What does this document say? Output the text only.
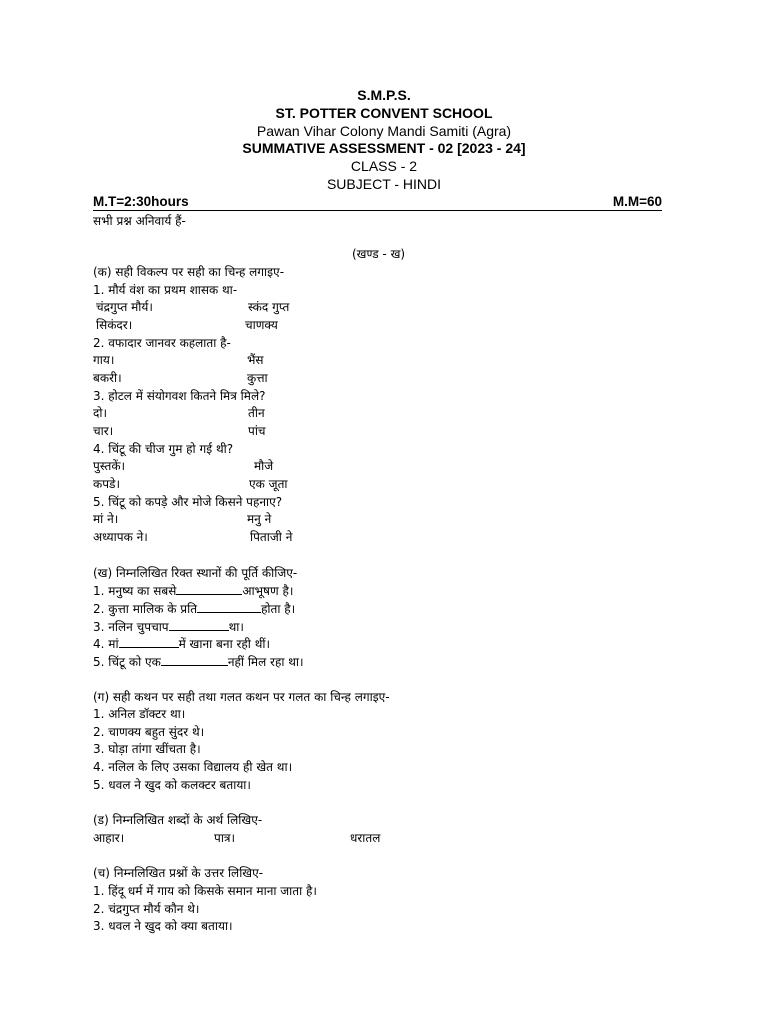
S.M.P.S.
ST. POTTER CONVENT SCHOOL
Pawan Vihar Colony Mandi Samiti (Agra)
SUMMATIVE ASSESSMENT - 02 [2023 - 24]
CLASS - 2
SUBJECT - HINDI
M.T=2:30hours	M.M=60
सभी प्रश्न अनिवार्य हैं-
(खण्ड - ख)
(क) सही विकल्प पर सही का चिन्ह लगाइए-
1. मौर्य वंश का प्रथम शासक था-
चंद्रगुप्त मौर्य।	स्कंद गुप्त
सिकंदर।	चाणक्य
2. वफादार जानवर कहलाता है-
गाय।	भैंस
बकरी।	कुत्ता
3. होटल में संयोगवश कितने मित्र मिले?
दो।	तीन
चार।	पांच
4. चिंटू की चीज गुम हो गई थी?
पुस्तकें।	मौजे
कपडे।	एक जूता
5. चिंटू को कपड़े और मोजे किसने पहनाए?
मां ने।	मनु ने
अध्यापक ने।	पिताजी ने
(ख) निम्नलिखित रिक्त स्थानों की पूर्ति कीजिए-
1. मनुष्य का सबसे	आभूषण है।
2. कुत्ता मालिक के प्रति	होता है।
3. नलिन चुपचाप	था।
4. मां	में खाना बना रही थीं।
5. चिंटू को एक	नहीं मिल रहा था।
(ग) सही कथन पर सही तथा गलत कथन पर गलत का चिन्ह लगाइए-
1. अनिल डॉक्टर था।
2. चाणक्य बहुत सुंदर थे।
3. घोड़ा तांगा खींचता है।
4. नलिल के लिए उसका विद्यालय ही खेत था।
5. धवल ने खुद को कलक्टर बताया।
(ड) निम्नलिखित शब्दों के अर्थ लिखिए-
आहार।	पात्र।	धरातल
(च) निम्नलिखित प्रश्नों के उत्तर लिखिए-
1. हिंदू धर्म में गाय को किसके समान माना जाता है।
2. चंद्रगुप्त मौर्य कौन थे।
3. धवल ने खुद को क्या बताया।
